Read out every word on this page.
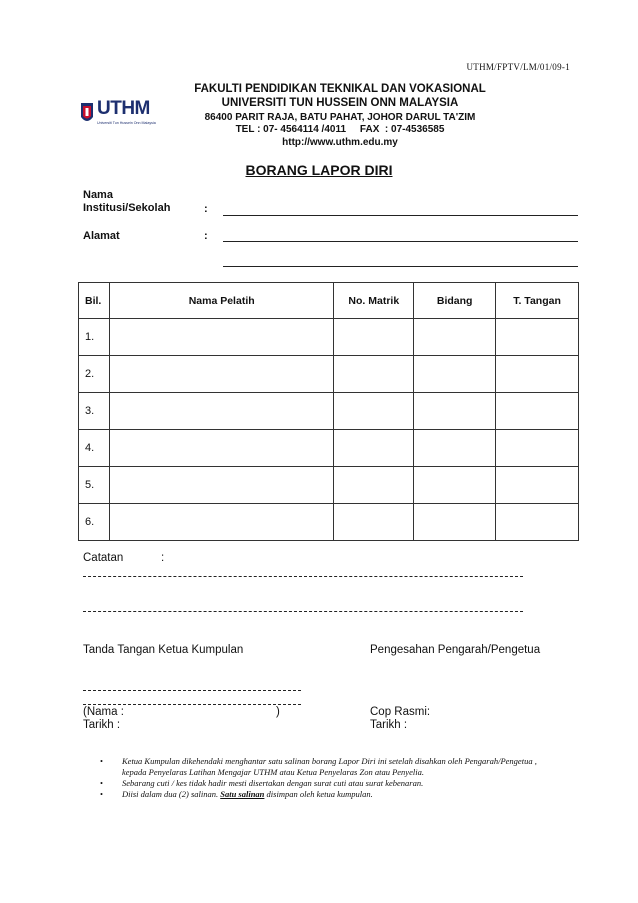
UTHM/FPTV/LM/01/09-1
UTHM
Universiti Tun Hussein Onn Malaysia
FAKULTI PENDIDIKAN TEKNIKAL DAN VOKASIONAL
UNIVERSITI TUN HUSSEIN ONN MALAYSIA
86400 PARIT RAJA, BATU PAHAT, JOHOR DARUL TA'ZIM
TEL : 07- 4564114 /4011     FAX  : 07-4536585
http://www.uthm.edu.my
BORANG LAPOR DIRI
Nama
Institusi/Sekolah	:
Alamat	:
Bil.	Nama Pelatih	No. Matrik	Bidang	T. Tangan
1.				
2.				
3.				
4.				
5.				
6.				
Catatan	:
Tanda Tangan Ketua Kumpulan	Pengesahan Pengarah/Pengetua
(Nama :	)
Tarikh :
Cop Rasmi:
Tarikh :
• Ketua Kumpulan dikehendaki menghantar satu salinan borang Lapor Diri ini setelah disahkan oleh Pengarah/Pengetua , kepada Penyelaras Latihan Mengajar UTHM atau Ketua Penyelaras Zon atau Penyelia.
• Sebarang cuti / kes tidak hadir mesti disertakan dengan surat cuti atau surat kebenaran.
• Diisi dalam dua (2) salinan. Satu salinan disimpan oleh ketua kumpulan.
